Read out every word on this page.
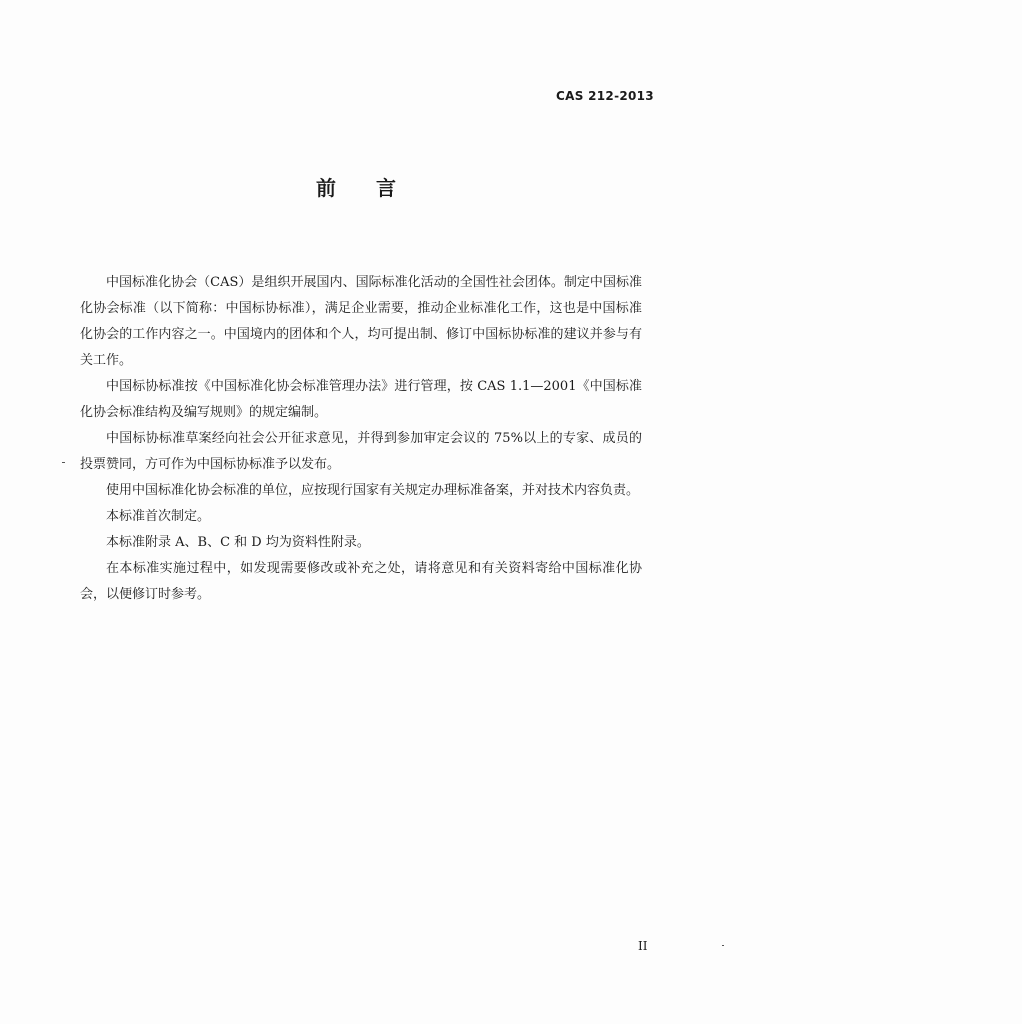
CAS 212-2013
前言

中国标准化协会（CAS）是组织开展国内、国际标准化活动的全国性社会团体。制定中国标准化协会标准（以下简称：中国标协标准），满足企业需要，推动企业标准化工作，这也是中国标准化协会的工作内容之一。中国境内的团体和个人，均可提出制、修订中国标协标准的建议并参与有关工作。

中国标协标准按《中国标准化协会标准管理办法》进行管理，按 CAS 1.1—2001《中国标准化协会标准结构及编写规则》的规定编制。

中国标协标准草案经向社会公开征求意见，并得到参加审定会议的 75%以上的专家、成员的投票赞同，方可作为中国标协标准予以发布。

使用中国标准化协会标准的单位，应按现行国家有关规定办理标准备案，并对技术内容负责。

本标准首次制定。

本标准附录 A、B、C 和 D 均为资料性附录。

在本标准实施过程中，如发现需要修改或补充之处，请将意见和有关资料寄给中国标准化协会，以便修订时参考。

II
